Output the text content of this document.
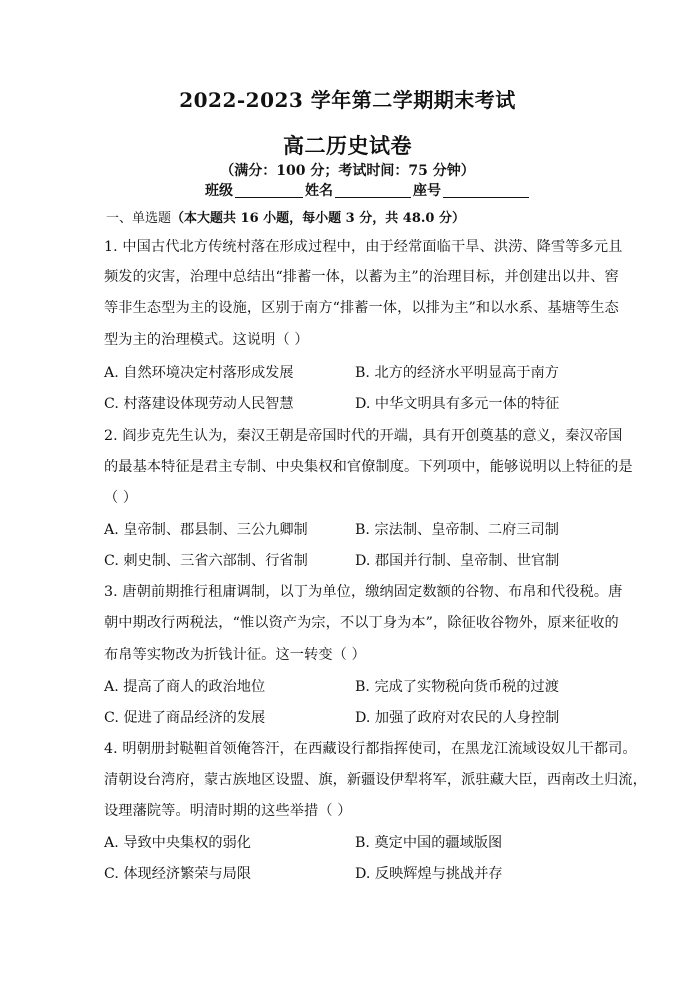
2022-2023 学年第二学期期末考试
高二历史试卷
（满分：100 分；考试时间：75 分钟）
班级	姓名	座号
一、单选题（本大题共 16 小题，每小题 3 分，共 48.0 分）
1. 中国古代北方传统村落在形成过程中，由于经常面临干旱、洪涝、降雪等多元且
频发的灾害，治理中总结出“排蓄一体，以蓄为主”的治理目标，并创建出以井、窖
等非生态型为主的设施，区别于南方“排蓄一体，以排为主”和以水系、基塘等生态
型为主的治理模式。这说明（ ）
A. 自然环境决定村落形成发展	B. 北方的经济水平明显高于南方
C. 村落建设体现劳动人民智慧	D. 中华文明具有多元一体的特征
2. 阎步克先生认为，秦汉王朝是帝国时代的开端，具有开创奠基的意义，秦汉帝国
的最基本特征是君主专制、中央集权和官僚制度。下列项中，能够说明以上特征的是
（ ）
A. 皇帝制、郡县制、三公九卿制	B. 宗法制、皇帝制、二府三司制
C. 刺史制、三省六部制、行省制	D. 郡国并行制、皇帝制、世官制
3. 唐朝前期推行租庸调制，以丁为单位，缴纳固定数额的谷物、布帛和代役税。唐
朝中期改行两税法，“惟以资产为宗，不以丁身为本”，除征收谷物外，原来征收的
布帛等实物改为折钱计征。这一转变（ ）
A. 提高了商人的政治地位	B. 完成了实物税向货币税的过渡
C. 促进了商品经济的发展	D. 加强了政府对农民的人身控制
4. 明朝册封鞑靼首领俺答汗，在西藏设行都指挥使司，在黑龙江流域设奴儿干都司。
清朝设台湾府，蒙古族地区设盟、旗，新疆设伊犁将军，派驻藏大臣，西南改土归流，
设理藩院等。明清时期的这些举措（ ）
A. 导致中央集权的弱化	B. 奠定中国的疆域版图
C. 体现经济繁荣与局限	D. 反映辉煌与挑战并存
